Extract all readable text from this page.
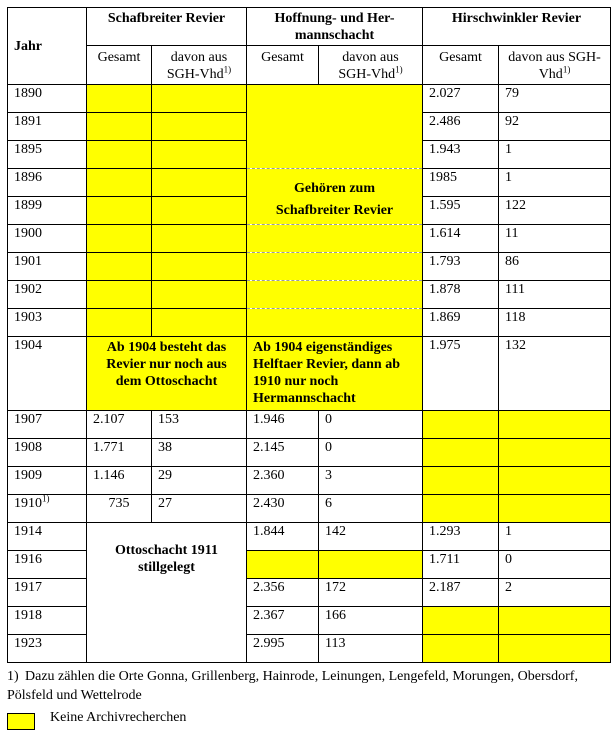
Jahr	Schafbreiter Revier		Hoffnung- und Her-mannschacht		Hirschwinkler Revier	
	Gesamt	davon aus SGH-Vhd$^{1)}$	Gesamt	davon aus SGH-Vhd$^{1)}$	Gesamt	davon aus SGH-Vhd$^{1)}$
1890					2.027	79
1891					2.486	92
1895					1.943	1
1896			Gehören zum		1985	1
1899			Schafbreiter Revier		1.595	122
1900					1.614	11
1901					1.793	86
1902					1.878	111
1903					1.869	118
1904	Ab 1904 besteht das Revier nur noch aus dem Ottoschacht		Ab 1904 eigenständiges Helftaer Revier, dann ab 1910 nur noch Hermannschacht		1.975	132
1907	2.107	153	1.946	0		
1908	1.771	38	2.145	0		
1909	1.146	29	2.360	3		
1910$^{1)}$	735	27	2.430	6		
1914	Ottoschacht 1911 stillgelegt		1.844	142	1.293	1
1916					1.711	0
1917			2.356	172	2.187	2
1918			2.367	166		
1923			2.995	113		
1) Dazu zählen die Orte Gonna, Grillenberg, Hainrode, Leinungen, Lengefeld, Morungen, Obersdorf, Pölsfeld und Wettelrode
Keine Archivrecherchen
